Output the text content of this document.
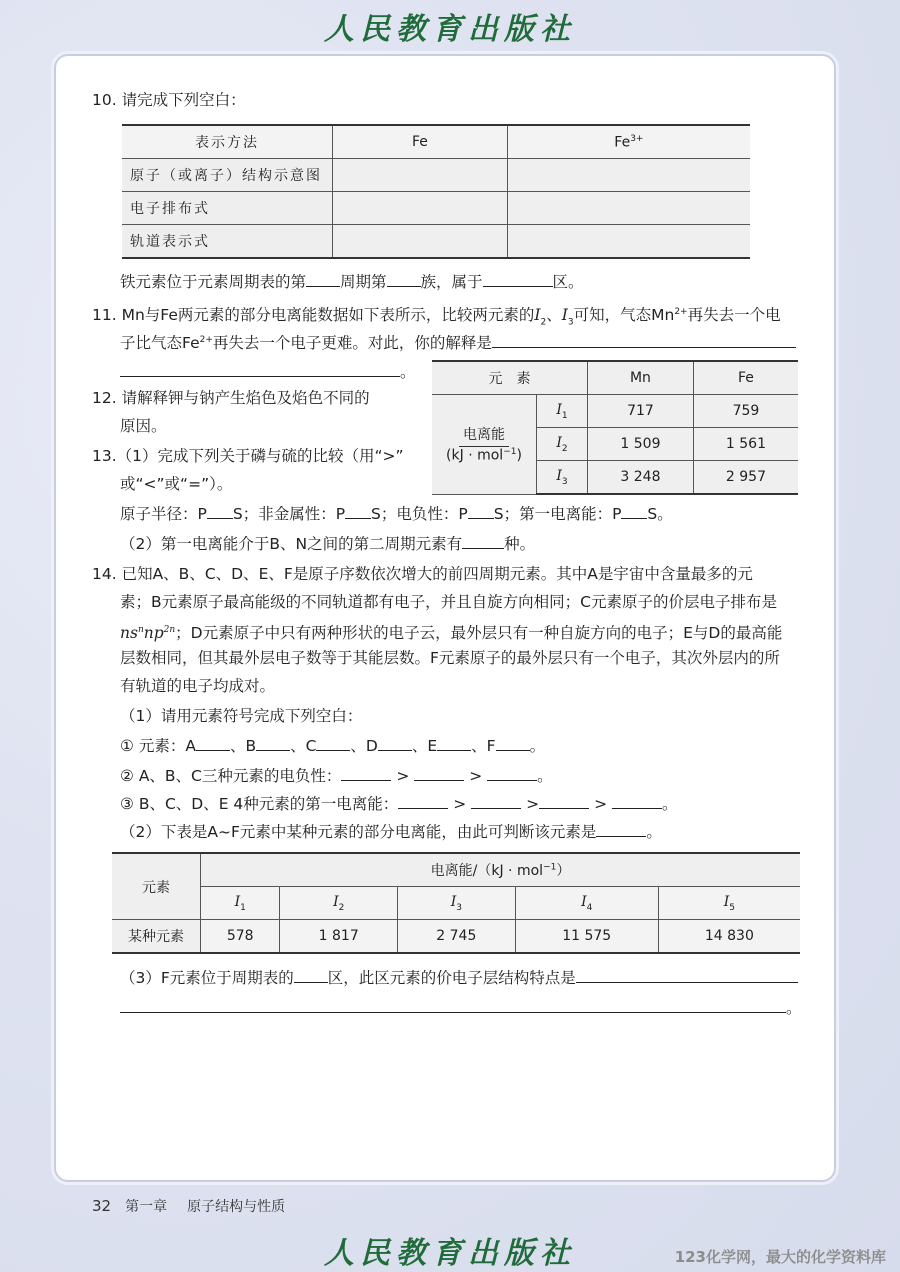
人民教育出版社
10. 请完成下列空白：
表示方法	Fe	$Fe^{3+}$
原子（或离子）结构示意图		
电子排布式		
轨道表示式		
铁元素位于元素周期表的第 周期第 族，属于	区。
11. Mn与Fe两元素的部分电离能数据如下表所示，比较两元素的$I_2$、$I_3$可知，气态$Mn^{2+}$再失去一个电
子比气态$Fe^{2+}$再失去一个电子更难。对此，你的解释是
。	元　素		Mn	Fe
电离能
(kJ · mol$^{-1}$)	$I_1$	717	759
	$I_2$	1 509	1 561
	$I_3$	3 248	2 957
12. 请解释钾与钠产生焰色及焰色不同的
原因。
13.（1）完成下列关于磷与硫的比较（用“>”
或“<”或“=”）。
原子半径：P S；非金属性：P S；电负性：P S；第一电离能：P S。
（2）第一电离能介于B、N之间的第二周期元素有	种。
14. 已知A、B、C、D、E、F是原子序数依次增大的前四周期元素。其中A是宇宙中含量最多的元
素；B元素原子最高能级的不同轨道都有电子，并且自旋方向相同；C元素原子的价层电子排布是
$ns^nnp^{2n}$；D元素原子中只有两种形状的电子云，最外层只有一种自旋方向的电子；E与D的最高能
层数相同，但其最外层电子数等于其能层数。F元素原子的最外层只有一个电子，其次外层内的所
有轨道的电子均成对。
（1）请用元素符号完成下列空白：
① 元素：A 、B 、C 、D 、E 、F 。
② A、B、C三种元素的电负性：	>	>	。
③ B、C、D、E 4种元素的第一电离能：	>	>	>	。
（2）下表是A~F元素中某种元素的部分电离能，由此可判断该元素是	。
元素	电离能/（kJ · mol$^{-1}$）				
	$I_1$	$I_2$	$I_3$	$I_4$	$I_5$
某种元素	578	1 817	2 745	11 575	14 830
（3）F元素位于周期表的 区，此区元素的价电子层结构特点是
。
32 第一章 原子结构与性质
人民教育出版社	123化学网，最大的化学资料库
